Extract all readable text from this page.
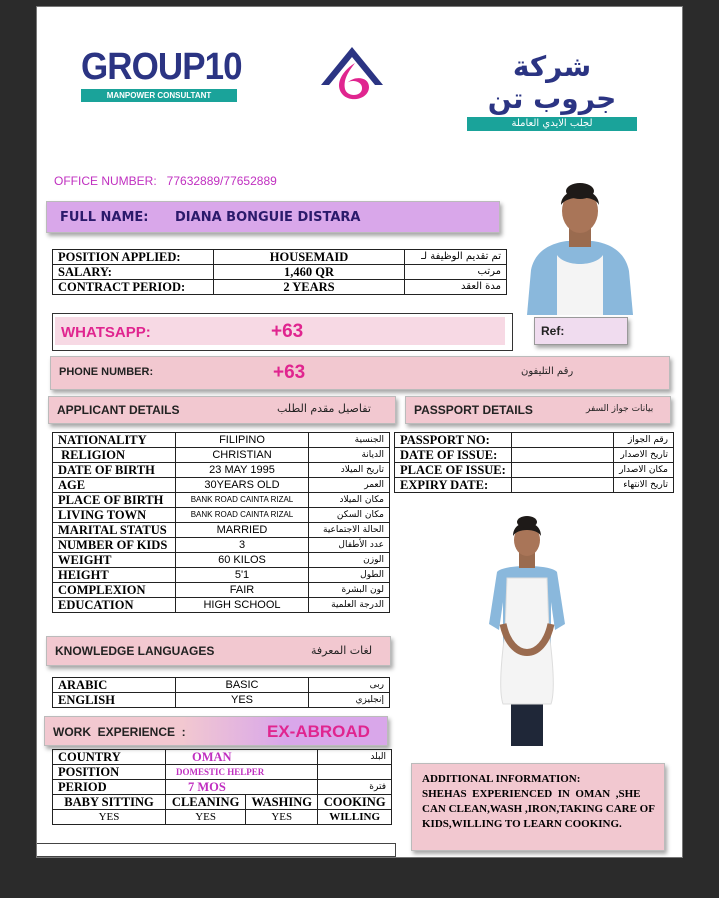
GROUP10
MANPOWER CONSULTANT
شركة جروب تن
لجلب الايدي العاملة
OFFICE NUMBER:   77632889/77652889
FULL NAME: DIANA BONGUIE DISTARA
POSITION APPLIED:	HOUSEMAID	تم تقديم الوظيفة لـ
SALARY:	1,460 QR	مرتب
CONTRACT PERIOD:	2 YEARS	مدة العقد
WHATSAPP:	+63	Ref:
PHONE NUMBER:	+63	رقم التليفون
APPLICANT DETAILS	تفاصيل مقدم الطلب	PASSPORT DETAILS	بيانات جواز السفر
NATIONALITY	FILIPINO	الجنسية
RELIGION	CHRISTIAN	الديانة
DATE OF BIRTH	23 MAY 1995	تاريخ الميلاد
AGE	30YEARS OLD	العمر
PLACE OF BIRTH	BANK ROAD CAINTA RIZAL	مكان الميلاد
LIVING TOWN	BANK ROAD CAINTA RIZAL	مكان السكن
MARITAL STATUS	MARRIED	الحالة الاجتماعية
NUMBER OF KIDS	3	عدد الأطفال
WEIGHT	60 KILOS	الوزن
HEIGHT	5'1	الطول
COMPLEXION	FAIR	لون البشرة
EDUCATION	HIGH SCHOOL	الدرجة العلمية
PASSPORT NO:		رقم الجواز
DATE OF ISSUE:		تاريخ الاصدار
PLACE OF ISSUE:		مكان الاصدار
EXPIRY DATE:		تاريخ الانتهاء
KNOWLEDGE LANGUAGES	لغات المعرفة
ARABIC	BASIC	ربى
ENGLISH	YES	إنجليزي
WORK  EXPERIENCE  :	EX-ABROAD
COUNTRY	OMAN		البلد
POSITION	DOMESTIC HELPER		
PERIOD	7 MOS		فترة
BABY SITTING	CLEANING	WASHING	COOKING
YES	YES	YES	WILLING
ADDITIONAL INFORMATION:
SHEHAS  EXPERIENCED  IN  OMAN  ,SHE
CAN CLEAN,WASH ,IRON,TAKING CARE OF
KIDS,WILLING TO LEARN COOKING.
